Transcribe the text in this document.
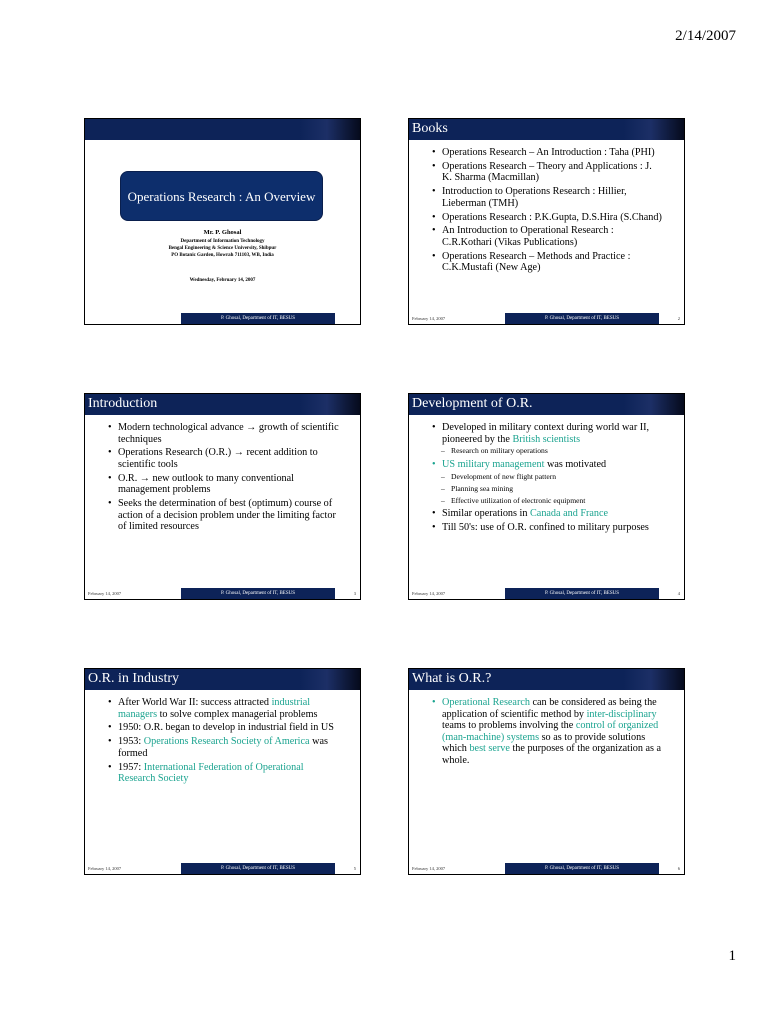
2/14/2007
Operations Research : An Overview
Mr. P. Ghosal
Department of Information Technology
Bengal Engineering & Science University, Shibpur
PO Botanic Garden, Howrah 711103, WB, India
Wednesday, February 14, 2007
P. Ghosal, Department of IT, BESUS
Books
• Operations Research – An Introduction : Taha (PHI)
• Operations Research – Theory and Applications : J. K. Sharma (Macmillan)
• Introduction to Operations Research : Hillier, Lieberman (TMH)
• Operations Research : P.K.Gupta, D.S.Hira (S.Chand)
• An Introduction to Operational Research : C.R.Kothari (Vikas Publications)
• Operations Research – Methods and Practice : C.K.Mustafi (New Age)
February 14, 2007	P. Ghosal, Department of IT, BESUS	2
Introduction
• Modern technological advance → growth of scientific techniques
• Operations Research (O.R.) → recent addition to scientific tools
• O.R. → new outlook to many conventional management problems
• Seeks the determination of best (optimum) course of action of a decision problem under the limiting factor of limited resources
February 14, 2007	P. Ghosal, Department of IT, BESUS	3
Development of O.R.
• Developed in military context during world war II, pioneered by the British scientists
– Research on military operations
• US military management was motivated
– Development of new flight pattern
– Planning sea mining
– Effective utilization of electronic equipment
• Similar operations in Canada and France
• Till 50's: use of O.R. confined to military purposes
February 14, 2007	P. Ghosal, Department of IT, BESUS	4
O.R. in Industry
• After World War II: success attracted industrial managers to solve complex managerial problems
• 1950: O.R. began to develop in industrial field in US
• 1953: Operations Research Society of America was formed
• 1957: International Federation of Operational Research Society
February 14, 2007	P. Ghosal, Department of IT, BESUS	5
What is O.R.?
• Operational Research can be considered as being the application of scientific method by inter-disciplinary teams to problems involving the control of organized (man-machine) systems so as to provide solutions which best serve the purposes of the organization as a whole.
February 14, 2007	P. Ghosal, Department of IT, BESUS	6
1
